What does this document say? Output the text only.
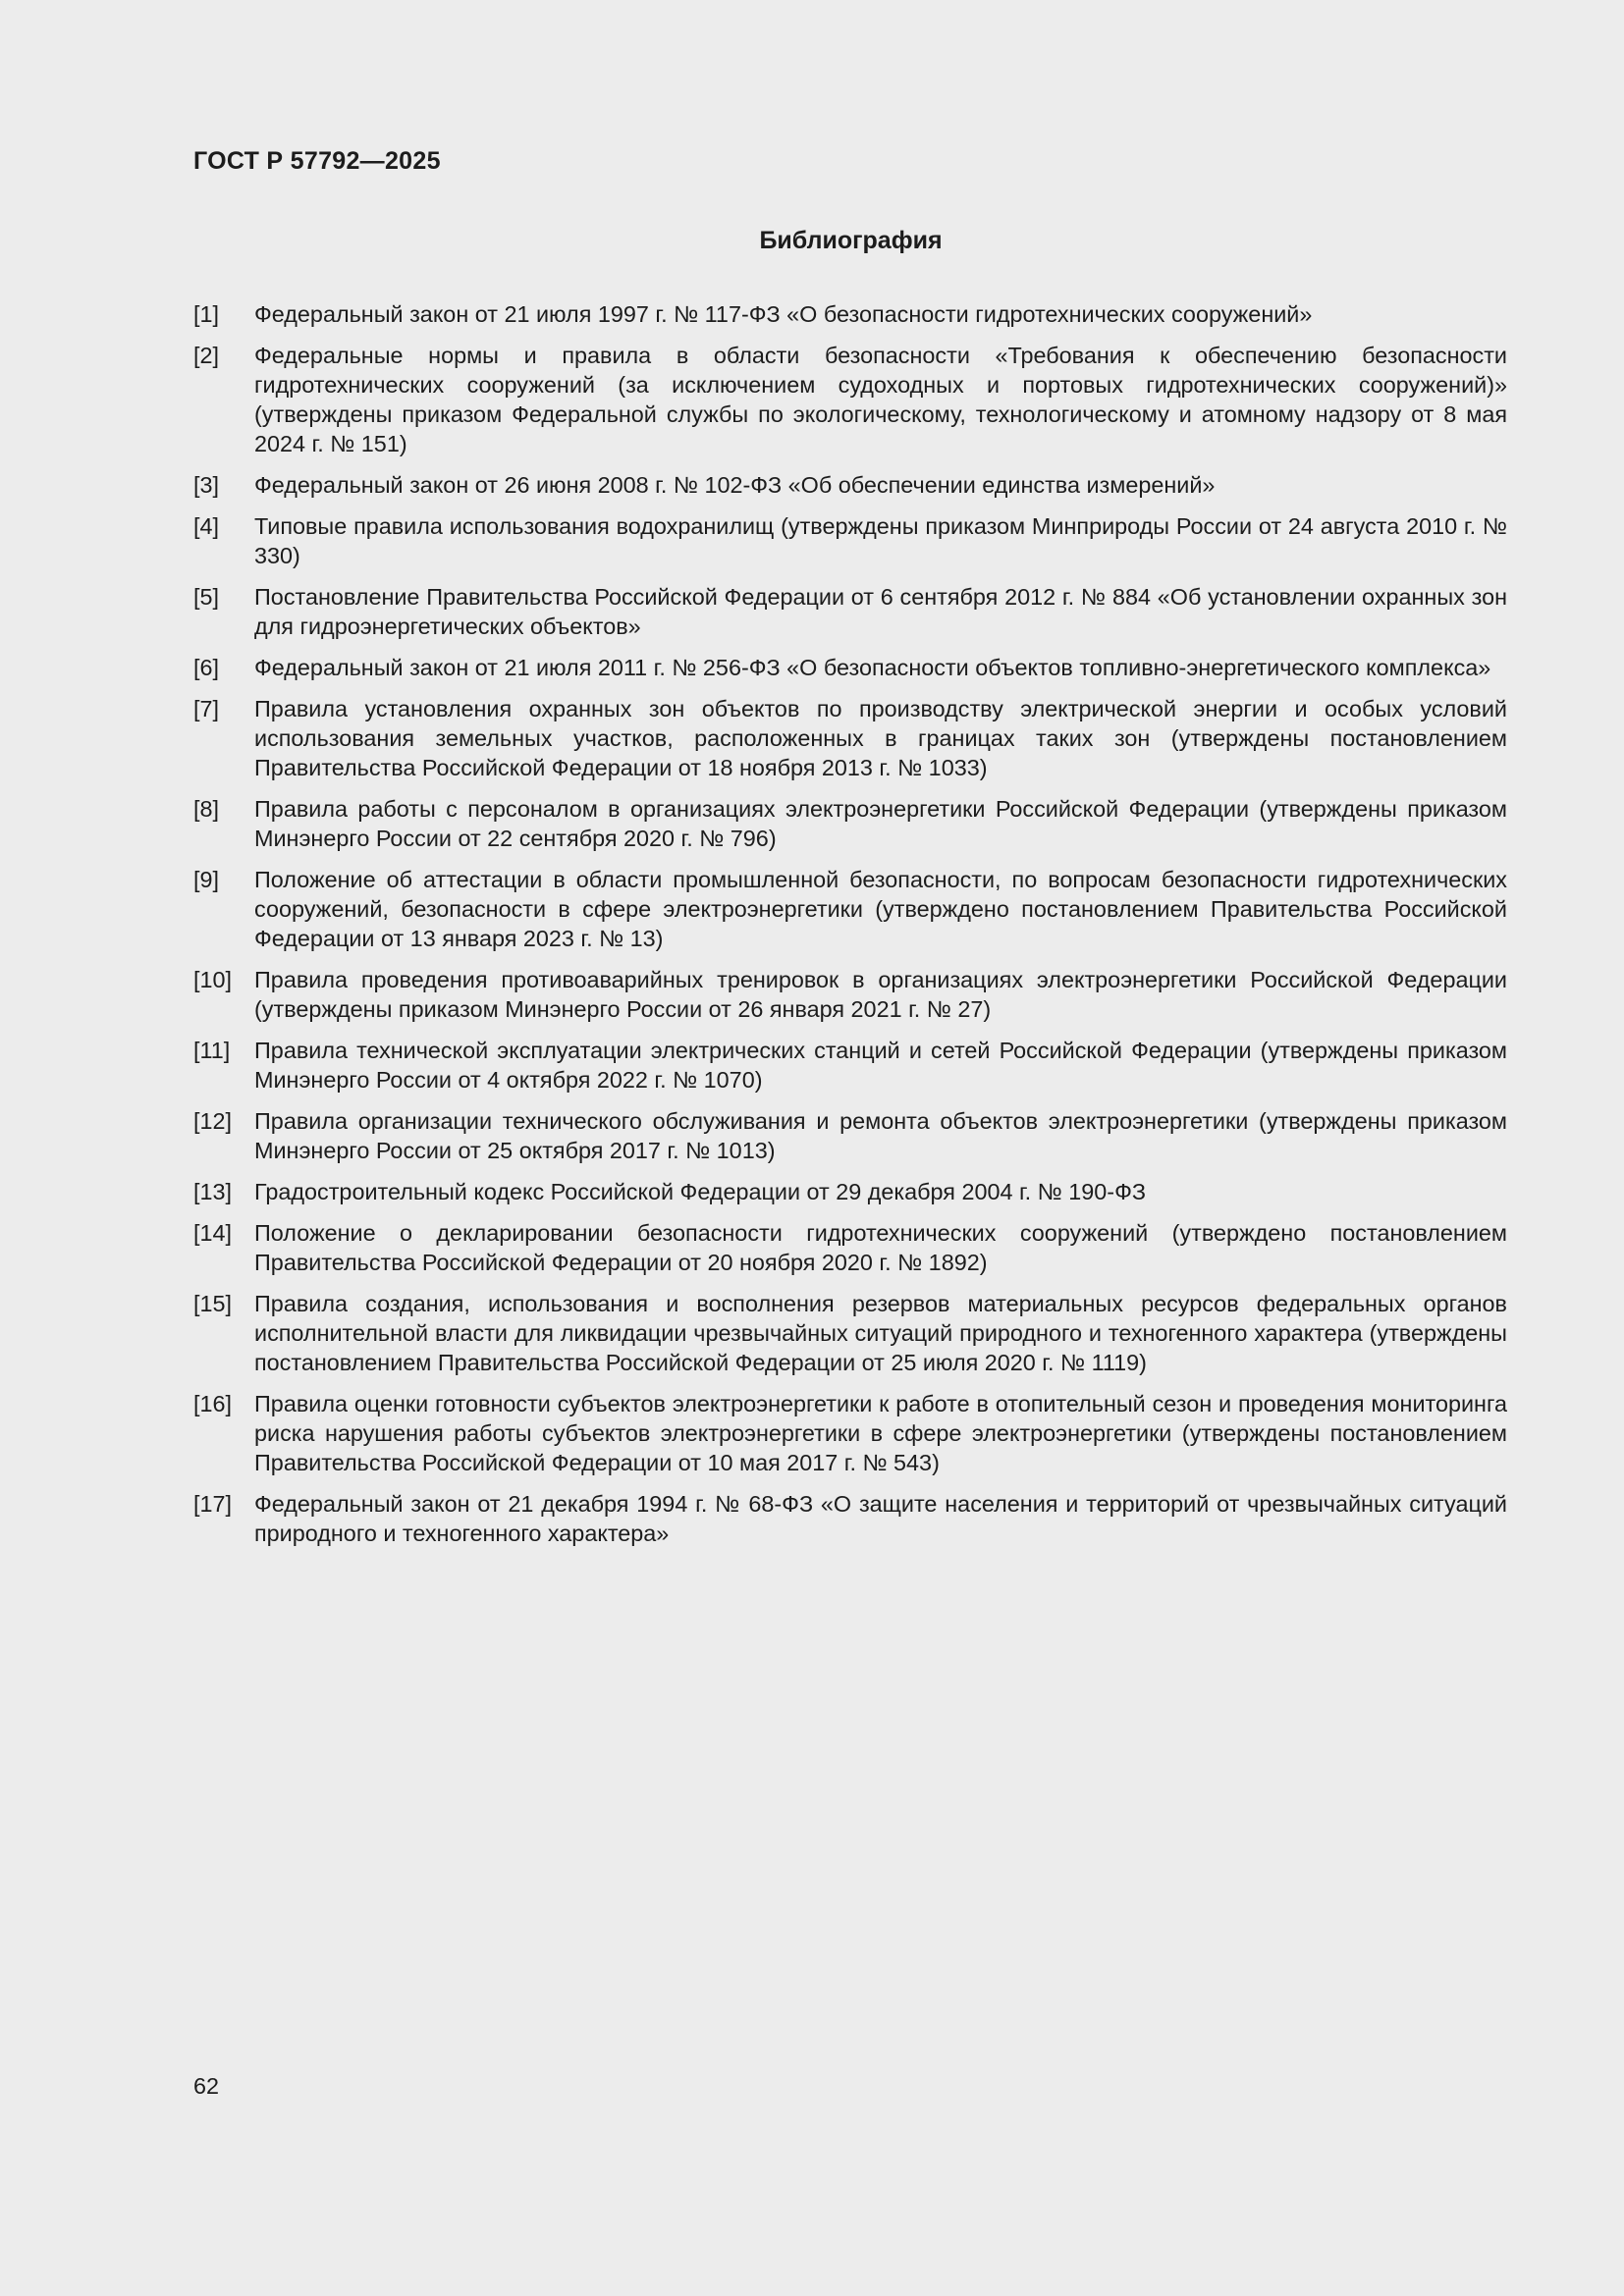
ГОСТ Р 57792—2025
Библиография
[1]	Федеральный закон от 21 июля 1997 г. № 117-ФЗ «О безопасности гидротехнических сооружений»
[2]	Федеральные нормы и правила в области безопасности «Требования к обеспечению безопасности гидротехнических сооружений (за исключением судоходных и портовых гидротехнических сооружений)» (утверждены приказом Федеральной службы по экологическому, технологическому и атомному надзору от 8 мая 2024 г. № 151)
[3]	Федеральный закон от 26 июня 2008 г. № 102-ФЗ «Об обеспечении единства измерений»
[4]	Типовые правила использования водохранилищ (утверждены приказом Минприроды России от 24 августа 2010 г. № 330)
[5]	Постановление Правительства Российской Федерации от 6 сентября 2012 г. № 884 «Об установлении охранных зон для гидроэнергетических объектов»
[6]	Федеральный закон от 21 июля 2011 г. № 256-ФЗ «О безопасности объектов топливно-энергетического комплекса»
[7]	Правила установления охранных зон объектов по производству электрической энергии и особых условий использования земельных участков, расположенных в границах таких зон (утверждены постановлением Правительства Российской Федерации от 18 ноября 2013 г. № 1033)
[8]	Правила работы с персоналом в организациях электроэнергетики Российской Федерации (утверждены приказом Минэнерго России от 22 сентября 2020 г. № 796)
[9]	Положение об аттестации в области промышленной безопасности, по вопросам безопасности гидротехнических сооружений, безопасности в сфере электроэнергетики (утверждено постановлением Правительства Российской Федерации от 13 января 2023 г. № 13)
[10] Правила проведения противоаварийных тренировок в организациях электроэнергетики Российской Федерации (утверждены приказом Минэнерго России от 26 января 2021 г. № 27)
[11]	Правила технической эксплуатации электрических станций и сетей Российской Федерации (утверждены приказом Минэнерго России от 4 октября 2022 г. № 1070)
[12] Правила организации технического обслуживания и ремонта объектов электроэнергетики (утверждены приказом Минэнерго России от 25 октября 2017 г. № 1013)
[13] Градостроительный кодекс Российской Федерации от 29 декабря 2004 г. № 190-ФЗ
[14] Положение о декларировании безопасности гидротехнических сооружений (утверждено постановлением Правительства Российской Федерации от 20 ноября 2020 г. № 1892)
[15] Правила создания, использования и восполнения резервов материальных ресурсов федеральных органов исполнительной власти для ликвидации чрезвычайных ситуаций природного и техногенного характера (утверждены постановлением Правительства Российской Федерации от 25 июля 2020 г. № 1119)
[16] Правила оценки готовности субъектов электроэнергетики к работе в отопительный сезон и проведения мониторинга риска нарушения работы субъектов электроэнергетики в сфере электроэнергетики (утверждены постановлением Правительства Российской Федерации от 10 мая 2017 г. № 543)
[17] Федеральный закон от 21 декабря 1994 г. № 68-ФЗ «О защите населения и территорий от чрезвычайных ситуаций природного и техногенного характера»
62
